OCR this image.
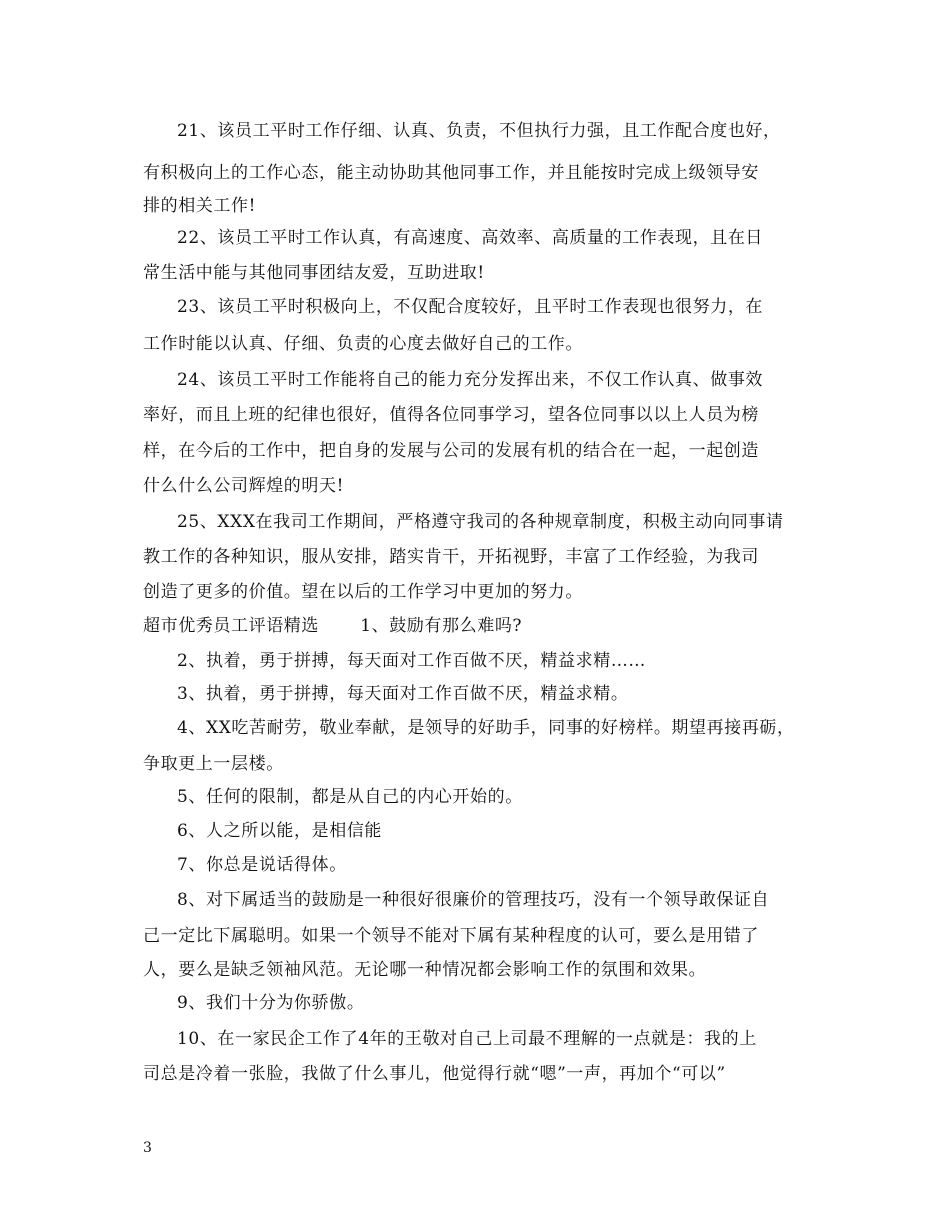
21、该员工平时工作仔细、认真、负责，不但执行力强，且工作配合度也好，
有积极向上的工作心态，能主动协助其他同事工作，并且能按时完成上级领导安
排的相关工作!
22、该员工平时工作认真，有高速度、高效率、高质量的工作表现，且在日
常生活中能与其他同事团结友爱，互助进取!
23、该员工平时积极向上，不仅配合度较好，且平时工作表现也很努力，在
工作时能以认真、仔细、负责的心度去做好自己的工作。
24、该员工平时工作能将自己的能力充分发挥出来，不仅工作认真、做事效
率好，而且上班的纪律也很好，值得各位同事学习，望各位同事以以上人员为榜
样，在今后的工作中，把自身的发展与公司的发展有机的结合在一起，一起创造
什么什么公司辉煌的明天!
25、XXX在我司工作期间，严格遵守我司的各种规章制度，积极主动向同事请
教工作的各种知识，服从安排，踏实肯干，开拓视野，丰富了工作经验，为我司
创造了更多的价值。望在以后的工作学习中更加的努力。
超市优秀员工评语精选　　 1、鼓励有那么难吗?
2、执着，勇于拼搏，每天面对工作百做不厌，精益求精……
3、执着，勇于拼搏，每天面对工作百做不厌，精益求精。
4、XX吃苦耐劳，敬业奉献，是领导的好助手，同事的好榜样。期望再接再砺，
争取更上一层楼。
5、任何的限制，都是从自己的内心开始的。
6、人之所以能，是相信能
7、你总是说话得体。
8、对下属适当的鼓励是一种很好很廉价的管理技巧，没有一个领导敢保证自
己一定比下属聪明。如果一个领导不能对下属有某种程度的认可，要么是用错了
人，要么是缺乏领袖风范。无论哪一种情况都会影响工作的氛围和效果。
9、我们十分为你骄傲。
10、在一家民企工作了4年的王敬对自己上司最不理解的一点就是：我的上
司总是冷着一张脸，我做了什么事儿，他觉得行就“嗯”一声，再加个“可以”
3
